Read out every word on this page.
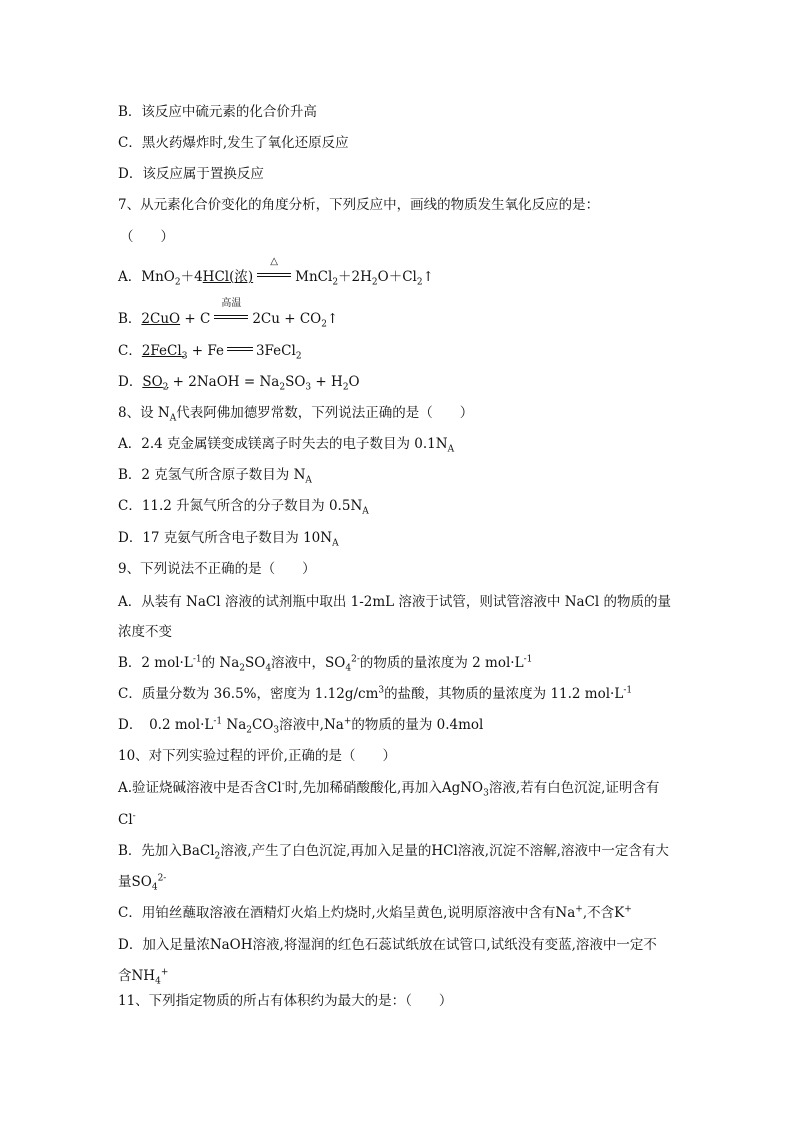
B．该反应中硫元素的化合价升高
C．黑火药爆炸时,发生了氧化还原反应
D．该反应属于置换反应
7、从元素化合价变化的角度分析，下列反应中，画线的物质发生氧化反应的是：
（　　）
A．MnO$_2$＋4HCl(浓)
△
$MnCl_2+2H_2O+Cl_2↑$
B．2CuO + C
高温
$2Cu + CO_2↑$
C．2FeCl$_3$ + Fe 3FeCl$_2$
D．$SO_2$ + 2NaOH = $Na_2SO_3 + H_2O$
8、设 $N_A$代表阿佛加德罗常数，下列说法正确的是（　　）
A．2.4 克金属镁变成镁离子时失去的电子数目为 $0.1N_A$
B．2 克氢气所含原子数目为 $N_A$
C．11.2 升氮气所含的分子数目为 $0.5N_A$
D．17 克氨气所含电子数目为 $10N_A$
9、下列说法不正确的是（　　）
A．从装有 NaCl 溶液的试剂瓶中取出 1-2mL 溶液于试管，则试管溶液中 NaCl 的物质的量
浓度不变
B．2 $mol\cdot L^{-1}$的 $Na_2SO_4$溶液中，$SO_4^{2-}$的物质的量浓度为 2 $mol\cdot L^{-1}$
C．质量分数为 36.5%，密度为 $1.12g/cm^3$的盐酸，其物质的量浓度为 11.2 $mol\cdot L^{-1}$
D．　0.2 $mol\cdot L^{-1}$ $Na_2CO_3$溶液中,Na+的物质的量为 0.4mol
10、对下列实验过程的评价,正确的是（　　）
A.验证烧碱溶液中是否含Cl-时,先加稀硝酸酸化,再加入AgNO$_3$溶液,若有白色沉淀,证明含有
Cl-
B．先加入BaCl$_2$溶液,产生了白色沉淀,再加入足量的HCl溶液,沉淀不溶解,溶液中一定含有大
量$SO_4^{2-}$
C．用铂丝蘸取溶液在酒精灯火焰上灼烧时,火焰呈黄色,说明原溶液中含有Na+,不含K+
D．加入足量浓NaOH溶液,将湿润的红色石蕊试纸放在试管口,试纸没有变蓝,溶液中一定不
含$NH_4^+$
11、下列指定物质的所占有体积约为最大的是：（　　）
